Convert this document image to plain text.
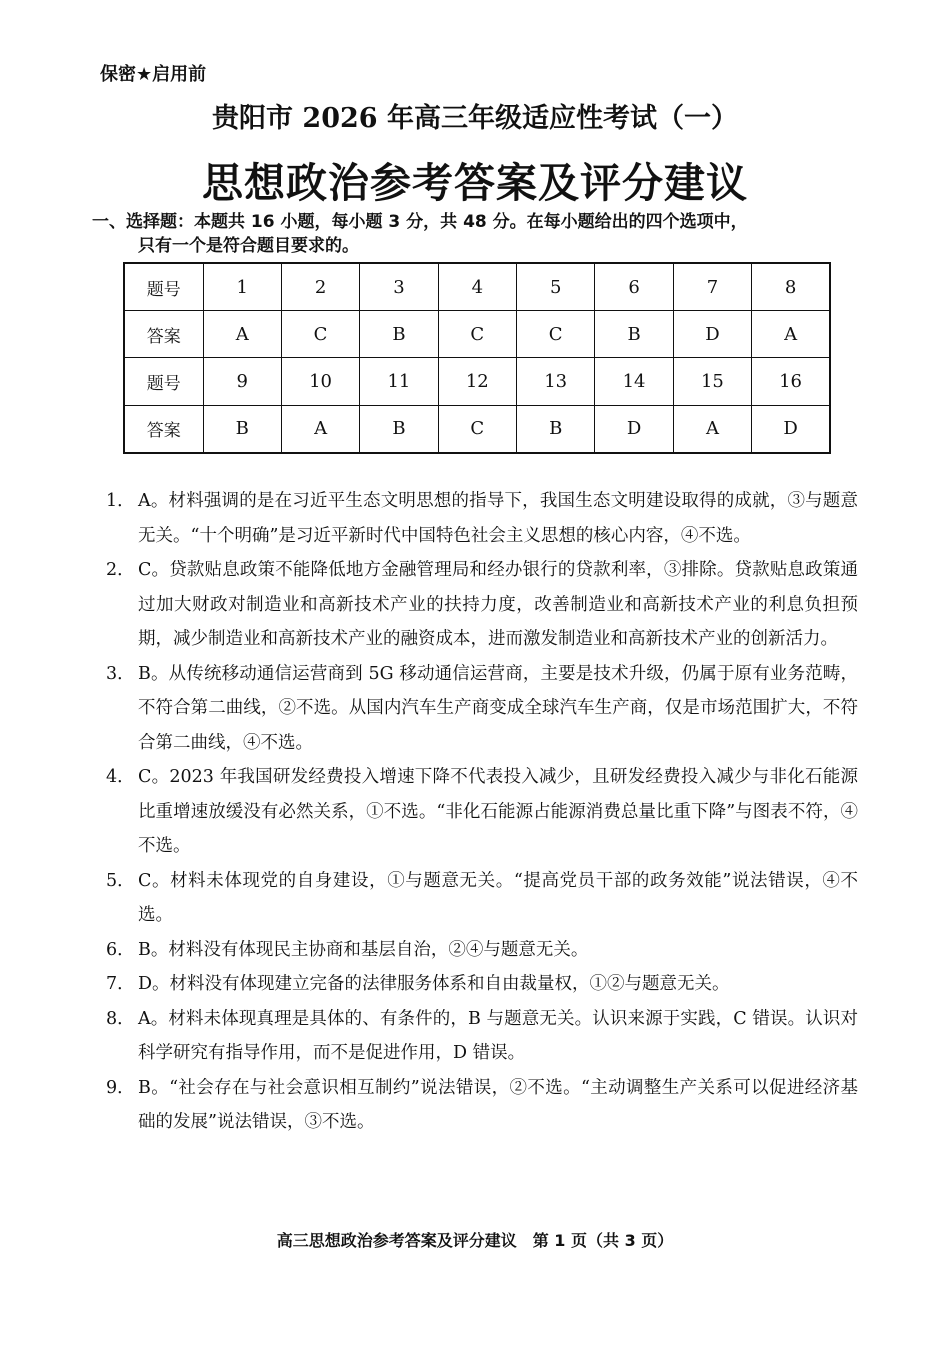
保密★启用前
贵阳市 2026 年高三年级适应性考试（一）
思想政治参考答案及评分建议
一、选择题：本题共 16 小题，每小题 3 分，共 48 分。在每小题给出的四个选项中，
只有一个是符合题目要求的。
题号	1	2	3	4	5	6	7	8
答案	A	C	B	C	C	B	D	A
题号	9	10	11	12	13	14	15	16
答案	B	A	B	C	B	D	A	D
1． A。材料强调的是在习近平生态文明思想的指导下，我国生态文明建设取得的成就，③与题意无关。“十个明确”是习近平新时代中国特色社会主义思想的核心内容，④不选。
2． C。贷款贴息政策不能降低地方金融管理局和经办银行的贷款利率，③排除。贷款贴息政策通过加大财政对制造业和高新技术产业的扶持力度，改善制造业和高新技术产业的利息负担预期，减少制造业和高新技术产业的融资成本，进而激发制造业和高新技术产业的创新活力。
3． B。从传统移动通信运营商到 5G 移动通信运营商，主要是技术升级，仍属于原有业务范畴，不符合第二曲线，②不选。从国内汽车生产商变成全球汽车生产商，仅是市场范围扩大，不符合第二曲线，④不选。
4． C。2023 年我国研发经费投入增速下降不代表投入减少，且研发经费投入减少与非化石能源比重增速放缓没有必然关系，①不选。“非化石能源占能源消费总量比重下降”与图表不符，④不选。
5． C。材料未体现党的自身建设，①与题意无关。“提高党员干部的政务效能”说法错误，④不选。
6． B。材料没有体现民主协商和基层自治，②④与题意无关。
7． D。材料没有体现建立完备的法律服务体系和自由裁量权，①②与题意无关。
8． A。材料未体现真理是具体的、有条件的，B 与题意无关。认识来源于实践，C 错误。认识对科学研究有指导作用，而不是促进作用，D 错误。
9． B。“社会存在与社会意识相互制约”说法错误，②不选。“主动调整生产关系可以促进经济基础的发展”说法错误，③不选。
高三思想政治参考答案及评分建议　第 1 页（共 3 页）
